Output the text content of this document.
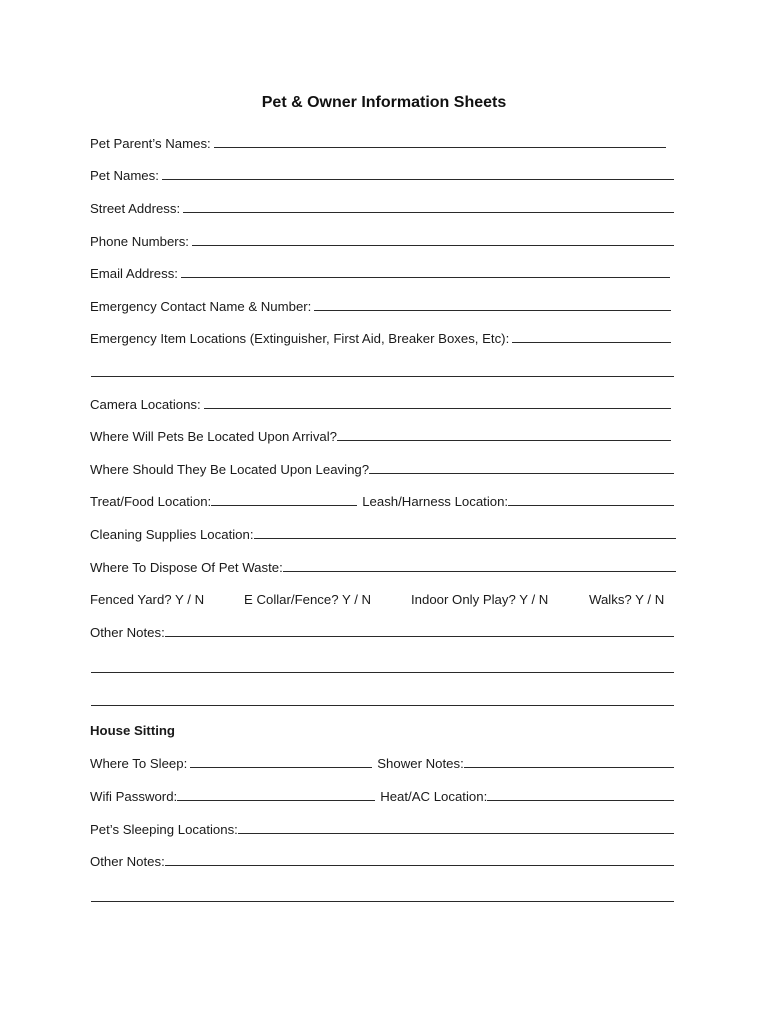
Pet & Owner Information Sheets
Pet Parent’s Names:
Pet Names:
Street Address:
Phone Numbers:
Email Address:
Emergency Contact Name & Number:
Emergency Item Locations (Extinguisher, First Aid, Breaker Boxes, Etc):
Camera Locations:
Where Will Pets Be Located Upon Arrival?
Where Should They Be Located Upon Leaving?
Treat/Food Location:	Leash/Harness Location:
Cleaning Supplies Location:
Where To Dispose Of Pet Waste:
Fenced Yard? Y / N	E Collar/Fence? Y / N	Indoor Only Play? Y / N	Walks? Y / N
Other Notes:
House Sitting
Where To Sleep:	Shower Notes:
Wifi Password:	Heat/AC Location:
Pet’s Sleeping Locations:
Other Notes:
